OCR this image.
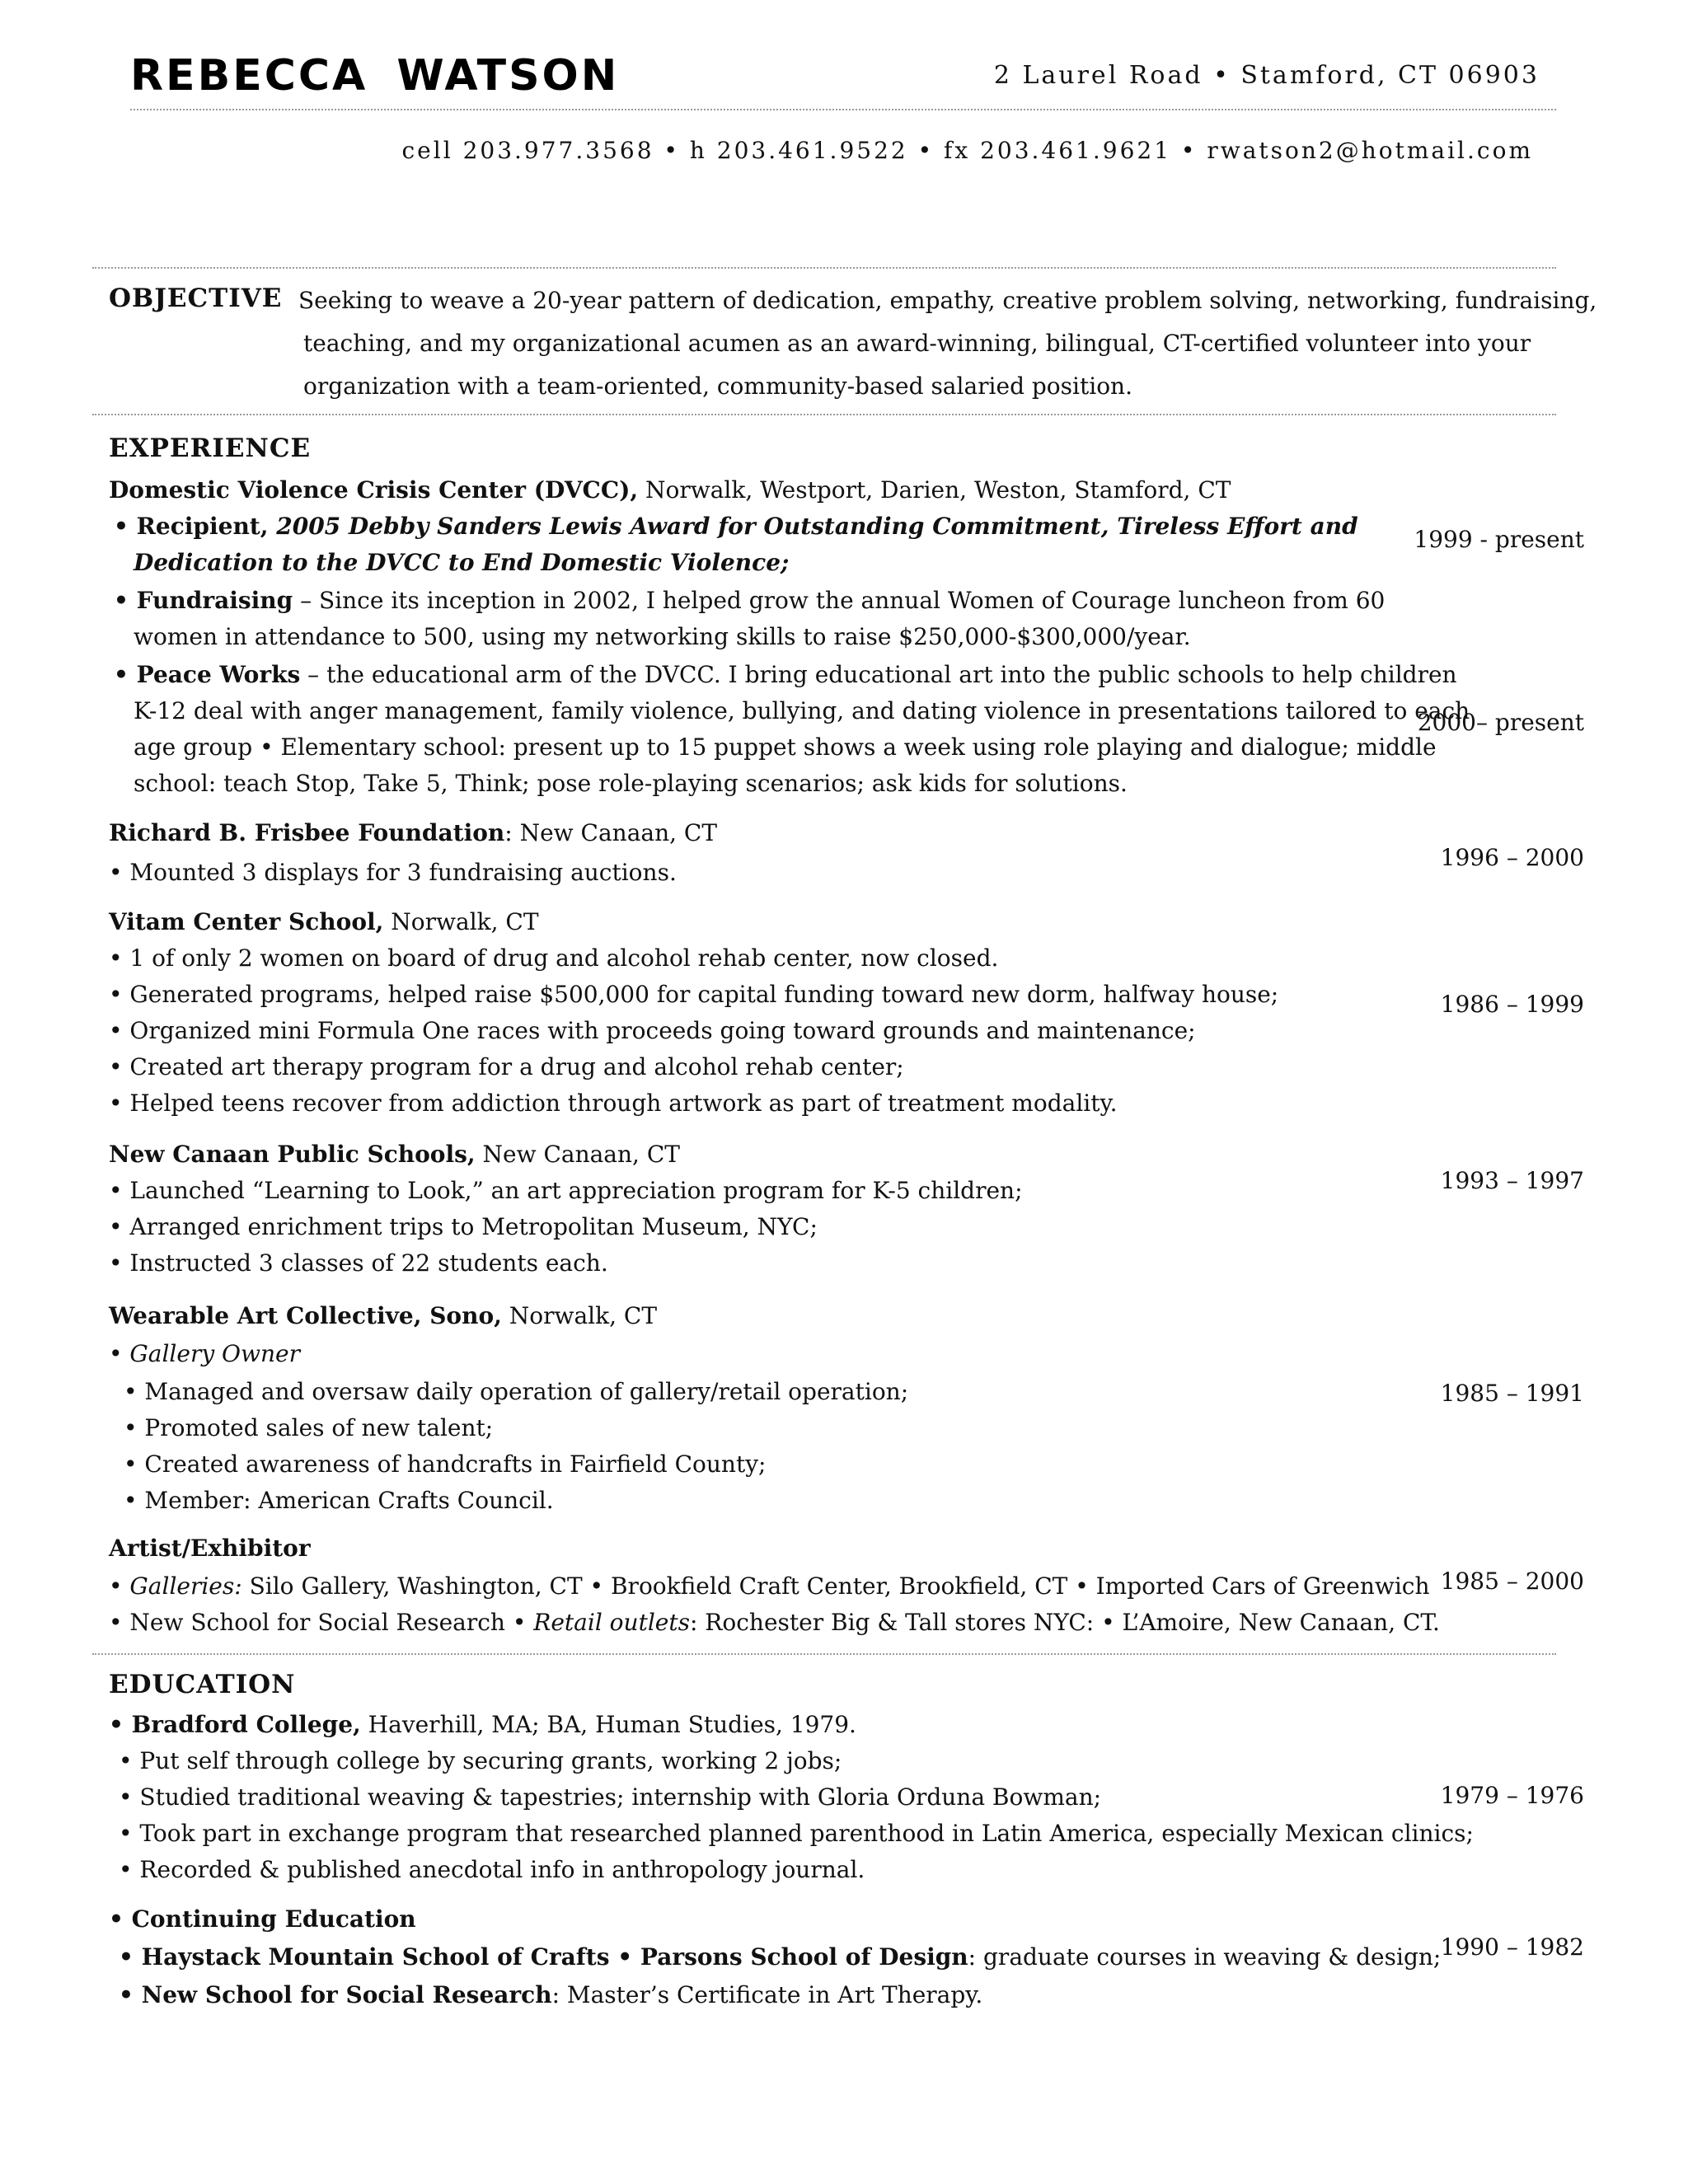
REBECCA WATSON	2 Laurel Road • Stamford, CT 06903
cell 203.977.3568 • h 203.461.9522 • fx 203.461.9621 • rwatson2@hotmail.com
OBJECTIVE Seeking to weave a 20-year pattern of dedication, empathy, creative problem solving, networking, fundraising,
teaching, and my organizational acumen as an award-winning, bilingual, CT-certified volunteer into your
organization with a team-oriented, community-based salaried position.
EXPERIENCE
Domestic Violence Crisis Center (DVCC), Norwalk, Westport, Darien, Weston, Stamford, CT
• Recipient, 2005 Debby Sanders Lewis Award for Outstanding Commitment, Tireless Effort and
Dedication to the DVCC to End Domestic Violence;
1999 - present
• Fundraising – Since its inception in 2002, I helped grow the annual Women of Courage luncheon from 60
women in attendance to 500, using my networking skills to raise $250,000-$300,000/year.
• Peace Works – the educational arm of the DVCC. I bring educational art into the public schools to help children
K-12 deal with anger management, family violence, bullying, and dating violence in presentations tailored to each
age group • Elementary school: present up to 15 puppet shows a week using role playing and dialogue; middle
school: teach Stop, Take 5, Think; pose role-playing scenarios; ask kids for solutions.
2000– present
Richard B. Frisbee Foundation: New Canaan, CT
• Mounted 3 displays for 3 fundraising auctions.
1996 – 2000
Vitam Center School, Norwalk, CT
• 1 of only 2 women on board of drug and alcohol rehab center, now closed.
• Generated programs, helped raise $500,000 for capital funding toward new dorm, halfway house;
• Organized mini Formula One races with proceeds going toward grounds and maintenance;
• Created art therapy program for a drug and alcohol rehab center;
• Helped teens recover from addiction through artwork as part of treatment modality.
1986 – 1999
New Canaan Public Schools, New Canaan, CT
• Launched “Learning to Look,” an art appreciation program for K-5 children;
• Arranged enrichment trips to Metropolitan Museum, NYC;
• Instructed 3 classes of 22 students each.
1993 – 1997
Wearable Art Collective, Sono, Norwalk, CT
• Gallery Owner
• Managed and oversaw daily operation of gallery/retail operation;
• Promoted sales of new talent;
• Created awareness of handcrafts in Fairfield County;
• Member: American Crafts Council.
1985 – 1991
Artist/Exhibitor
• Galleries: Silo Gallery, Washington, CT • Brookfield Craft Center, Brookfield, CT • Imported Cars of Greenwich
• New School for Social Research • Retail outlets: Rochester Big & Tall stores NYC: • L’Amoire, New Canaan, CT.
1985 – 2000
EDUCATION
• Bradford College, Haverhill, MA; BA, Human Studies, 1979.
• Put self through college by securing grants, working 2 jobs;
• Studied traditional weaving & tapestries; internship with Gloria Orduna Bowman;
• Took part in exchange program that researched planned parenthood in Latin America, especially Mexican clinics;
• Recorded & published anecdotal info in anthropology journal.
1979 – 1976
• Continuing Education
• Haystack Mountain School of Crafts • Parsons School of Design: graduate courses in weaving & design;
• New School for Social Research: Master’s Certificate in Art Therapy.
1990 – 1982
